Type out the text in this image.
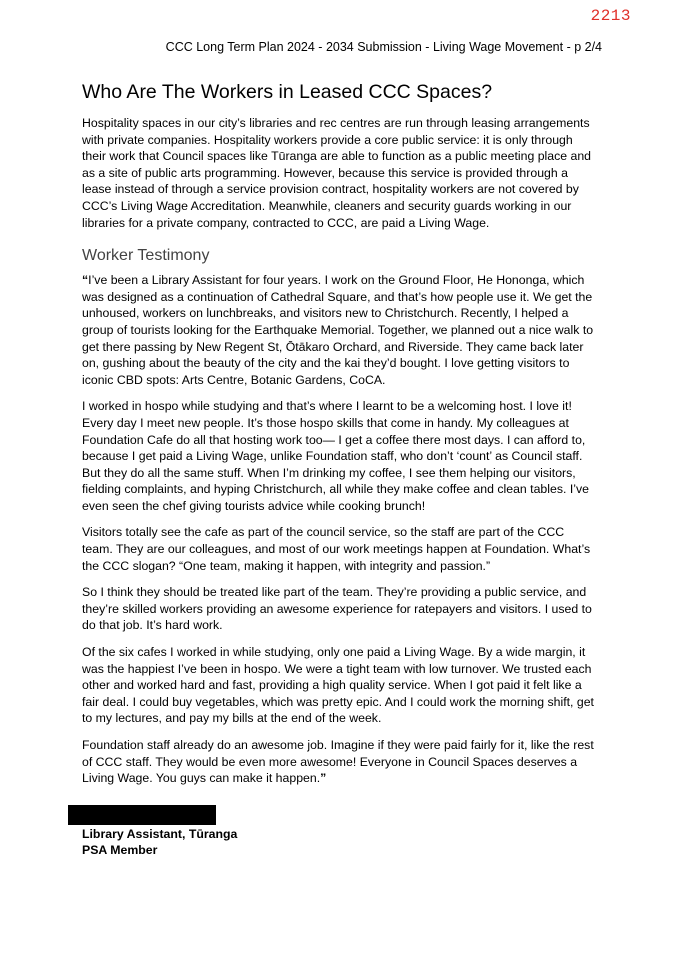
2213
CCC Long Term Plan 2024 - 2034 Submission - Living Wage Movement - p 2/4
Who Are The Workers in Leased CCC Spaces?

Hospitality spaces in our city’s libraries and rec centres are run through leasing arrangements with private companies. Hospitality workers provide a core public service: it is only through their work that Council spaces like Tūranga are able to function as a public meeting place and as a site of public arts programming. However, because this service is provided through a lease instead of through a service provision contract, hospitality workers are not covered by CCC’s Living Wage Accreditation. Meanwhile, cleaners and security guards working in our libraries for a private company, contracted to CCC, are paid a Living Wage.

Worker Testimony

“I’ve been a Library Assistant for four years. I work on the Ground Floor, He Hononga, which was designed as a continuation of Cathedral Square, and that’s how people use it. We get the unhoused, workers on lunchbreaks, and visitors new to Christchurch. Recently, I helped a group of tourists looking for the Earthquake Memorial. Together, we planned out a nice walk to get there passing by New Regent St, Ōtākaro Orchard, and Riverside. They came back later on, gushing about the beauty of the city and the kai they’d bought. I love getting visitors to iconic CBD spots: Arts Centre, Botanic Gardens, CoCA.

I worked in hospo while studying and that’s where I learnt to be a welcoming host. I love it! Every day I meet new people. It’s those hospo skills that come in handy. My colleagues at Foundation Cafe do all that hosting work too— I get a coffee there most days. I can afford to, because I get paid a Living Wage, unlike Foundation staff, who don’t ‘count’ as Council staff. But they do all the same stuff. When I’m drinking my coffee, I see them helping our visitors, fielding complaints, and hyping Christchurch, all while they make coffee and clean tables. I’ve even seen the chef giving tourists advice while cooking brunch!

Visitors totally see the cafe as part of the council service, so the staff are part of the CCC team. They are our colleagues, and most of our work meetings happen at Foundation. What’s the CCC slogan? “One team, making it happen, with integrity and passion.”

So I think they should be treated like part of the team. They’re providing a public service, and they’re skilled workers providing an awesome experience for ratepayers and visitors. I used to do that job. It’s hard work.

Of the six cafes I worked in while studying, only one paid a Living Wage. By a wide margin, it was the happiest I’ve been in hospo. We were a tight team with low turnover. We trusted each other and worked hard and fast, providing a high quality service. When I got paid it felt like a fair deal. I could buy vegetables, which was pretty epic. And I could work the morning shift, get to my lectures, and pay my bills at the end of the week.

Foundation staff already do an awesome job. Imagine if they were paid fairly for it, like the rest of CCC staff. They would be even more awesome! Everyone in Council Spaces deserves a Living Wage. You guys can make it happen.”

Library Assistant, Tūranga
PSA Member
